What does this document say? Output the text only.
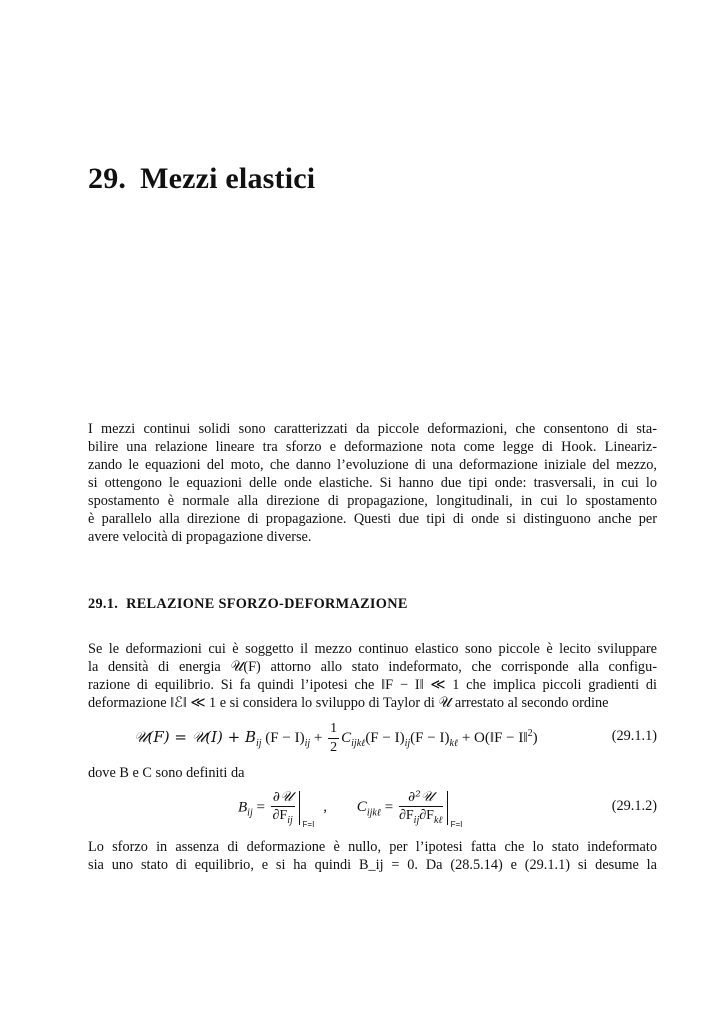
29. Mezzi elastici

I mezzi continui solidi sono caratterizzati da piccole deformazioni, che consentono di sta-
bilire una relazione lineare tra sforzo e deformazione nota come legge di Hook. Lineariz-
zando le equazioni del moto, che danno l’evoluzione di una deformazione iniziale del mezzo,
si ottengono le equazioni delle onde elastiche. Si hanno due tipi onde: trasversali, in cui lo
spostamento è normale alla direzione di propagazione, longitudinali, in cui lo spostamento
è parallelo alla direzione di propagazione. Questi due tipi di onde si distinguono anche per
avere velocità di propagazione diverse.

29.1. RELAZIONE SFORZO-DEFORMAZIONE

Se le deformazioni cui è soggetto il mezzo continuo elastico sono piccole è lecito sviluppare
la densità di energia 𝒰(F) attorno allo stato indeformato, che corrisponde alla configu-
razione di equilibrio. Si fa quindi l’ipotesi che ‖F − I‖ ≪ 1 che implica piccoli gradienti di
deformazione ‖ℰ‖ ≪ 1 e si considera lo sviluppo di Taylor di 𝒰 arrestato al secondo ordine

𝒰(F) = 𝒰(I) + $B_{ij}$ $(F - I)_{ij} + \frac{1}{2} C_{ijk\ell}(F - I)_{ij}(F - I)_{k\ell}$ + O(‖F − I‖$^2$)	(29.1.1)

dove B e C sono definiti da

$B_{ij} = \frac{\text{∂𝒰}}{\partial F_{ij}} F=I$
, $C_{ijk\ell} = \frac{\text{∂²𝒰}}{\partial F_{ij}\partial F_{k\ell}} F=I$
(29.1.2)

Lo sforzo in assenza di deformazione è nullo, per l’ipotesi fatta che lo stato indeformato
sia uno stato di equilibrio, e si ha quindi B_ij = 0. Da (28.5.14) e (29.1.1) si desume la
